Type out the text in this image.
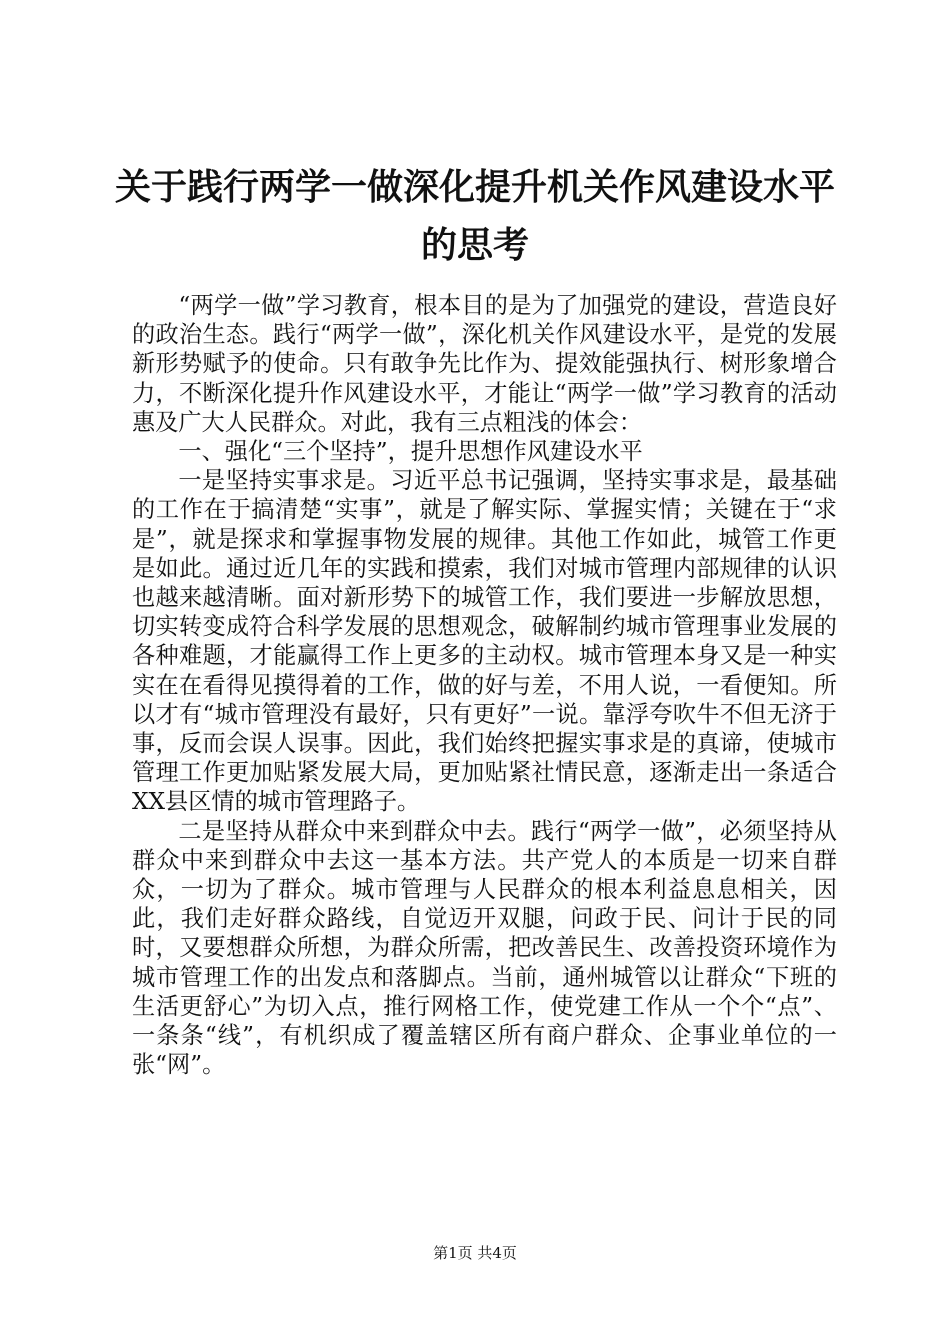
关于践行两学一做深化提升机关作风建设水平
的思考

“两学一做”学习教育，根本目的是为了加强党的建设，营造良好的政治生态。践行“两学一做”，深化机关作风建设水平，是党的发展新形势赋予的使命。只有敢争先比作为、提效能强执行、树形象增合力，不断深化提升作风建设水平，才能让“两学一做”学习教育的活动惠及广大人民群众。对此，我有三点粗浅的体会：

一、强化“三个坚持”，提升思想作风建设水平

一是坚持实事求是。习近平总书记强调，坚持实事求是，最基础的工作在于搞清楚“实事”，就是了解实际、掌握实情；关键在于“求是”，就是探求和掌握事物发展的规律。其他工作如此，城管工作更是如此。通过近几年的实践和摸索，我们对城市管理内部规律的认识也越来越清晰。面对新形势下的城管工作，我们要进一步解放思想，切实转变成符合科学发展的思想观念，破解制约城市管理事业发展的各种难题，才能赢得工作上更多的主动权。城市管理本身又是一种实实在在看得见摸得着的工作，做的好与差，不用人说，一看便知。所以才有“城市管理没有最好，只有更好”一说。靠浮夸吹牛不但无济于事，反而会误人误事。因此，我们始终把握实事求是的真谛，使城市管理工作更加贴紧发展大局，更加贴紧社情民意，逐渐走出一条适合XX县区情的城市管理路子。

二是坚持从群众中来到群众中去。践行“两学一做”，必须坚持从群众中来到群众中去这一基本方法。共产党人的本质是一切来自群众，一切为了群众。城市管理与人民群众的根本利益息息相关，因此，我们走好群众路线，自觉迈开双腿，问政于民、问计于民的同时，又要想群众所想，为群众所需，把改善民生、改善投资环境作为城市管理工作的出发点和落脚点。当前，通州城管以让群众“下班的生活更舒心”为切入点，推行网格工作，使党建工作从一个个“点”、一条条“线”，有机织成了覆盖辖区所有商户群众、企事业单位的一张“网”。

第1页 共4页
